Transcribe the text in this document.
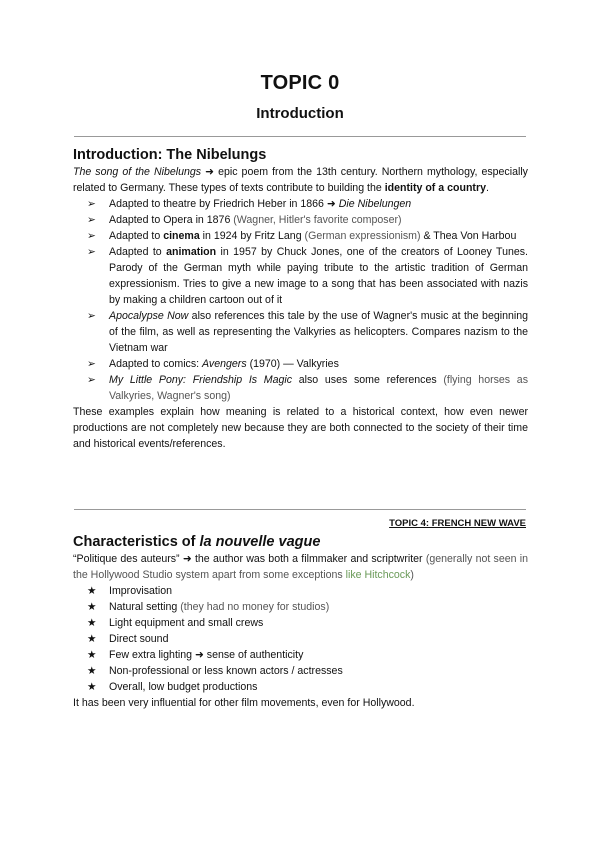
TOPIC 0
Introduction
Introduction: The Nibelungs

The song of the Nibelungs ➜ epic poem from the 13th century. Northern mythology, especially related to Germany. These types of texts contribute to building the identity of a country.

➢ Adapted to theatre by Friedrich Heber in 1866 ➜ Die Nibelungen
➢ Adapted to Opera in 1876 (Wagner, Hitler's favorite composer)
➢ Adapted to cinema in 1924 by Fritz Lang (German expressionism) & Thea Von Harbou
➢ Adapted to animation in 1957 by Chuck Jones, one of the creators of Looney Tunes. Parody of the German myth while paying tribute to the artistic tradition of German expressionism. Tries to give a new image to a song that has been associated with nazis by making a children cartoon out of it
➢ Apocalypse Now also references this tale by the use of Wagner's music at the beginning of the film, as well as representing the Valkyries as helicopters. Compares nazism to the Vietnam war
➢ Adapted to comics: Avengers (1970) — Valkyries
➢ My Little Pony: Friendship Is Magic also uses some references (flying horses as Valkyries, Wagner's song)

These examples explain how meaning is related to a historical context, how even newer productions are not completely new because they are both connected to the society of their time and historical events/references.

TOPIC 4: FRENCH NEW WAVE
Characteristics of la nouvelle vague

“Politique des auteurs” ➜ the author was both a filmmaker and scriptwriter (generally not seen in the Hollywood Studio system apart from some exceptions like Hitchcock)

★ Improvisation
★ Natural setting (they had no money for studios)
★ Light equipment and small crews
★ Direct sound
★ Few extra lighting ➜ sense of authenticity
★ Non-professional or less known actors / actresses
★ Overall, low budget productions

It has been very influential for other film movements, even for Hollywood.
